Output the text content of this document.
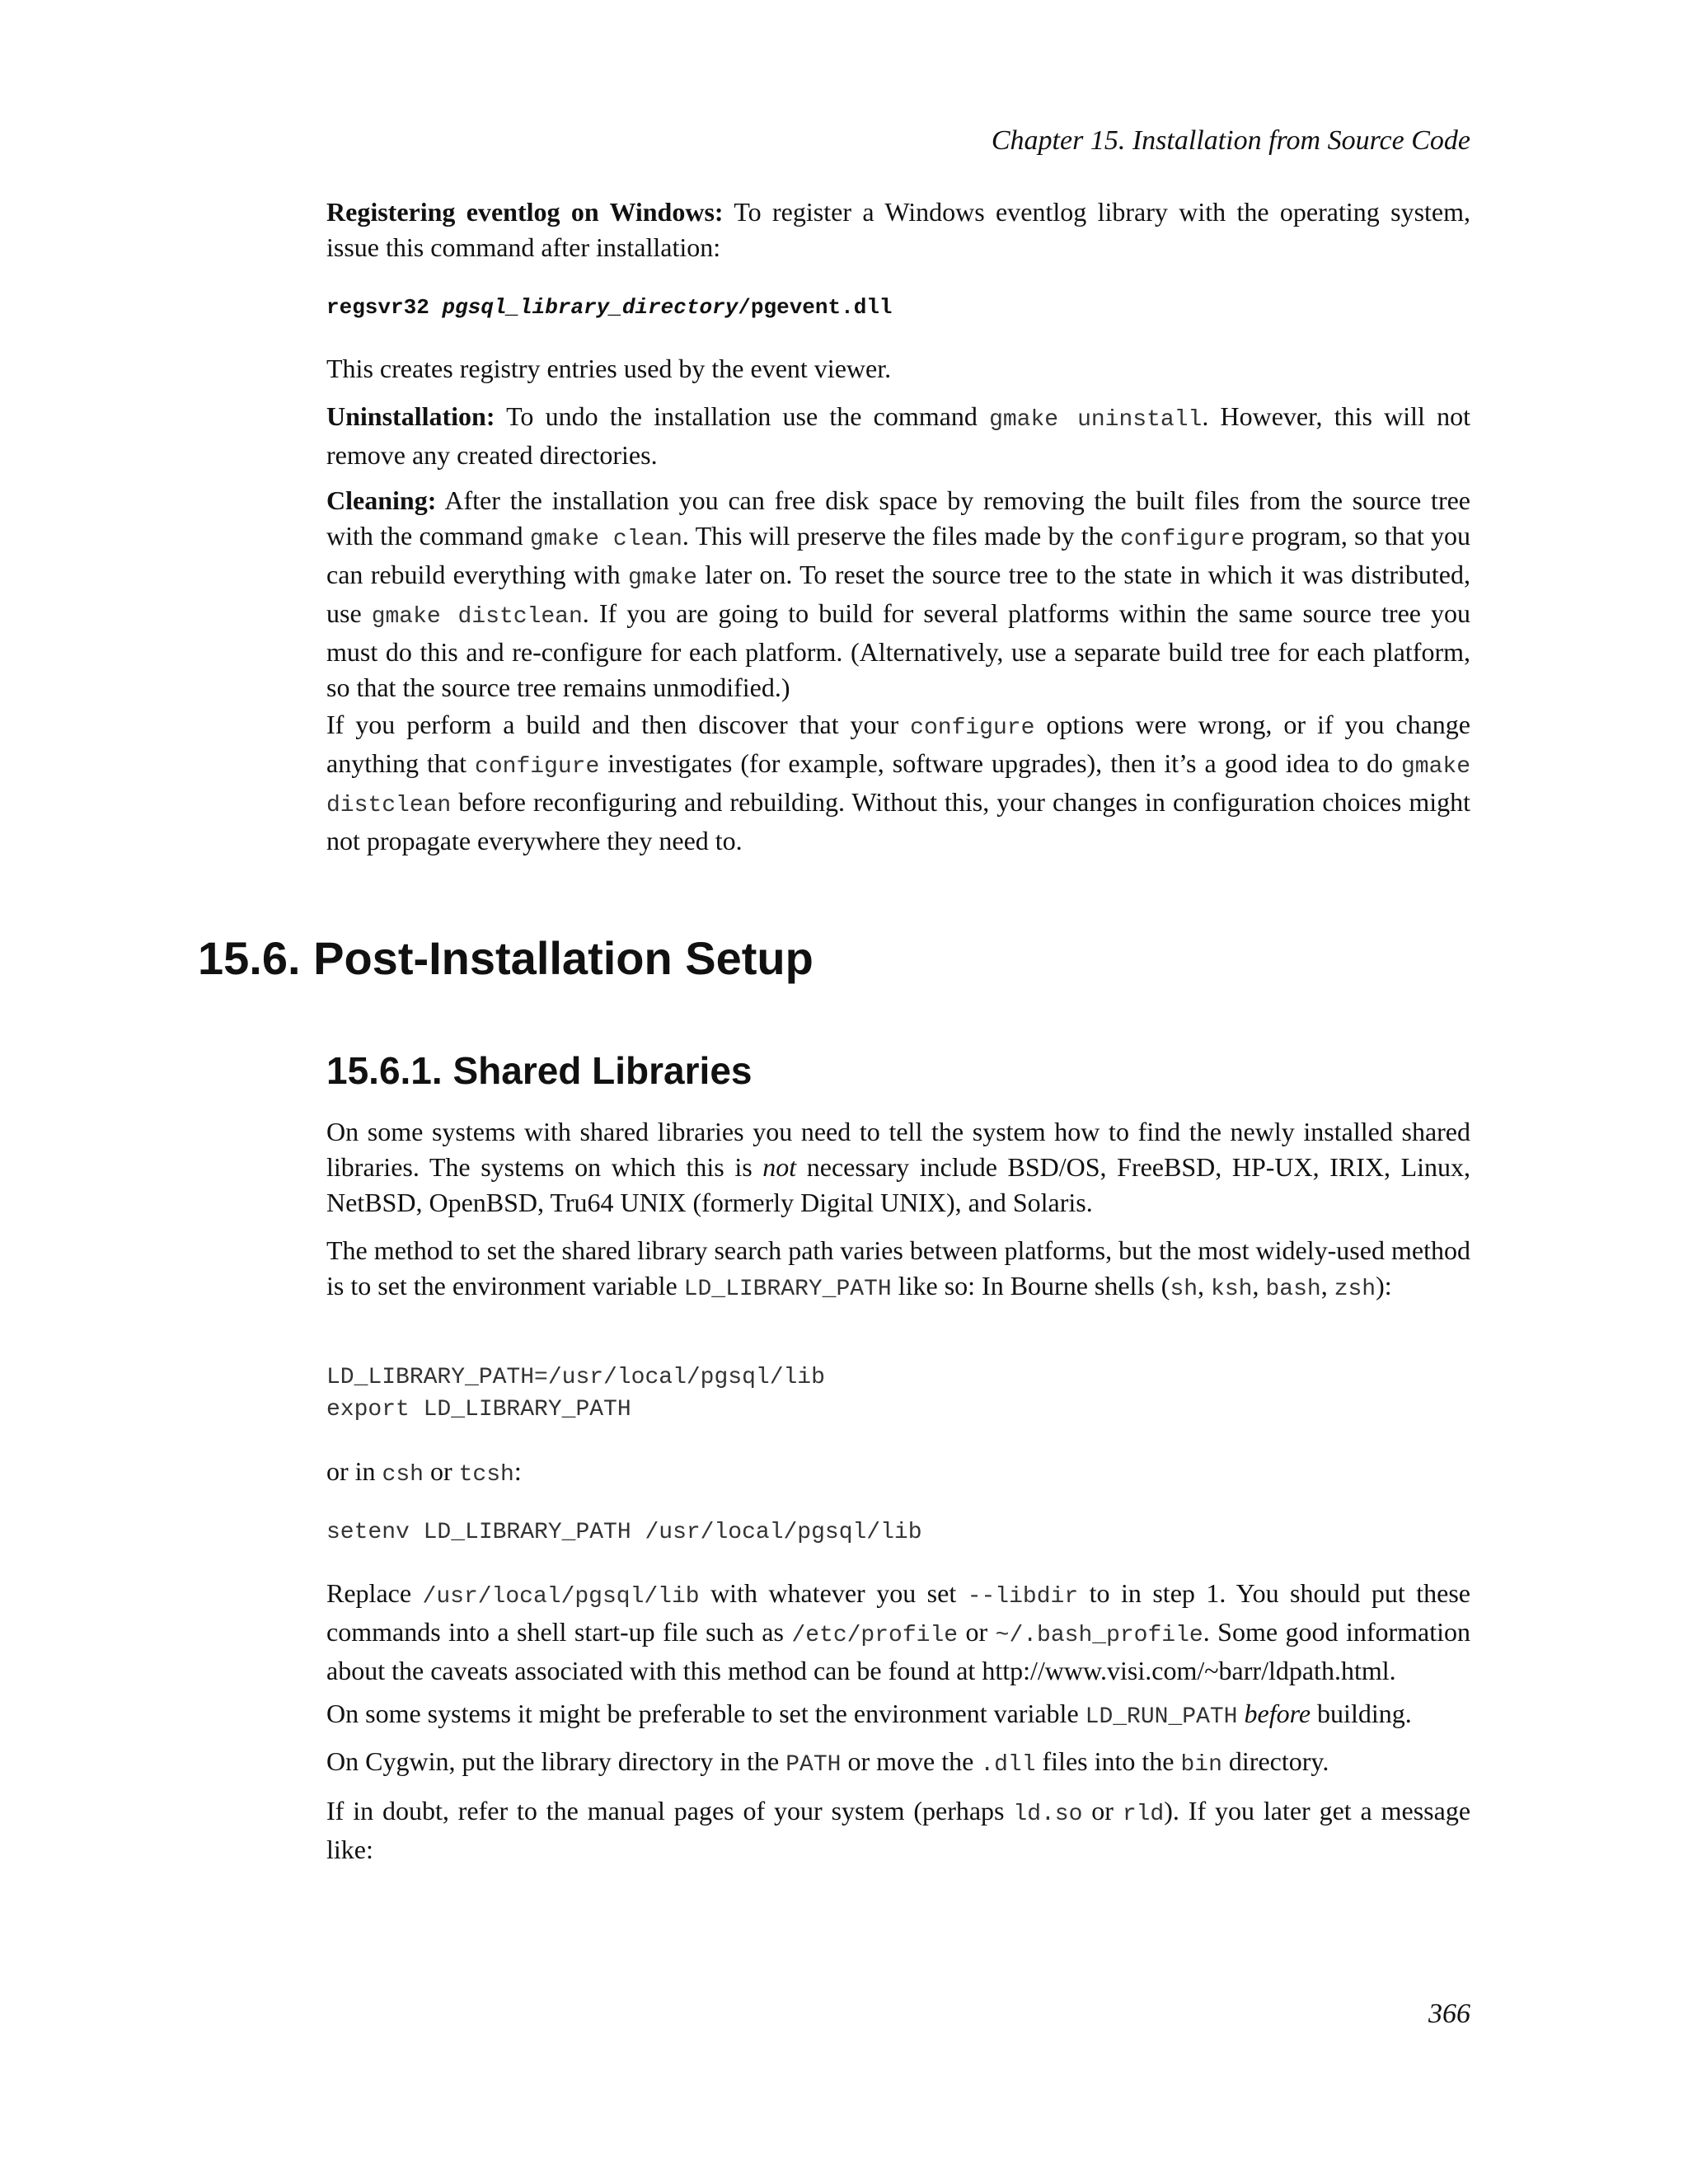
Chapter 15. Installation from Source Code

Registering eventlog on Windows: To register a Windows eventlog library with the operating system, issue this command after installation:

regsvr32 pgsql_library_directory/pgevent.dll

This creates registry entries used by the event viewer.

Uninstallation: To undo the installation use the command gmake uninstall. However, this will not remove any created directories.

Cleaning: After the installation you can free disk space by removing the built files from the source tree with the command gmake clean. This will preserve the files made by the configure program, so that you can rebuild everything with gmake later on. To reset the source tree to the state in which it was distributed, use gmake distclean. If you are going to build for several platforms within the same source tree you must do this and re-configure for each platform. (Alternatively, use a separate build tree for each platform, so that the source tree remains unmodified.)

If you perform a build and then discover that your configure options were wrong, or if you change anything that configure investigates (for example, software upgrades), then it’s a good idea to do gmake distclean before reconfiguring and rebuilding. Without this, your changes in configuration choices might not propagate everywhere they need to.

15.6. Post-Installation Setup
15.6.1. Shared Libraries

On some systems with shared libraries you need to tell the system how to find the newly installed shared libraries. The systems on which this is not necessary include BSD/OS, FreeBSD, HP-UX, IRIX, Linux, NetBSD, OpenBSD, Tru64 UNIX (formerly Digital UNIX), and Solaris.

The method to set the shared library search path varies between platforms, but the most widely-used method is to set the environment variable LD_LIBRARY_PATH like so: In Bourne shells (sh, ksh, bash, zsh):

LD_LIBRARY_PATH=/usr/local/pgsql/lib
export LD_LIBRARY_PATH

or in csh or tcsh:

setenv LD_LIBRARY_PATH /usr/local/pgsql/lib

Replace /usr/local/pgsql/lib with whatever you set --libdir to in step 1. You should put these commands into a shell start-up file such as /etc/profile or ~/.bash_profile. Some good information about the caveats associated with this method can be found at http://www.visi.com/~barr/ldpath.html.

On some systems it might be preferable to set the environment variable LD_RUN_PATH before building.

On Cygwin, put the library directory in the PATH or move the .dll files into the bin directory.

If in doubt, refer to the manual pages of your system (perhaps ld.so or rld). If you later get a message like:

366
